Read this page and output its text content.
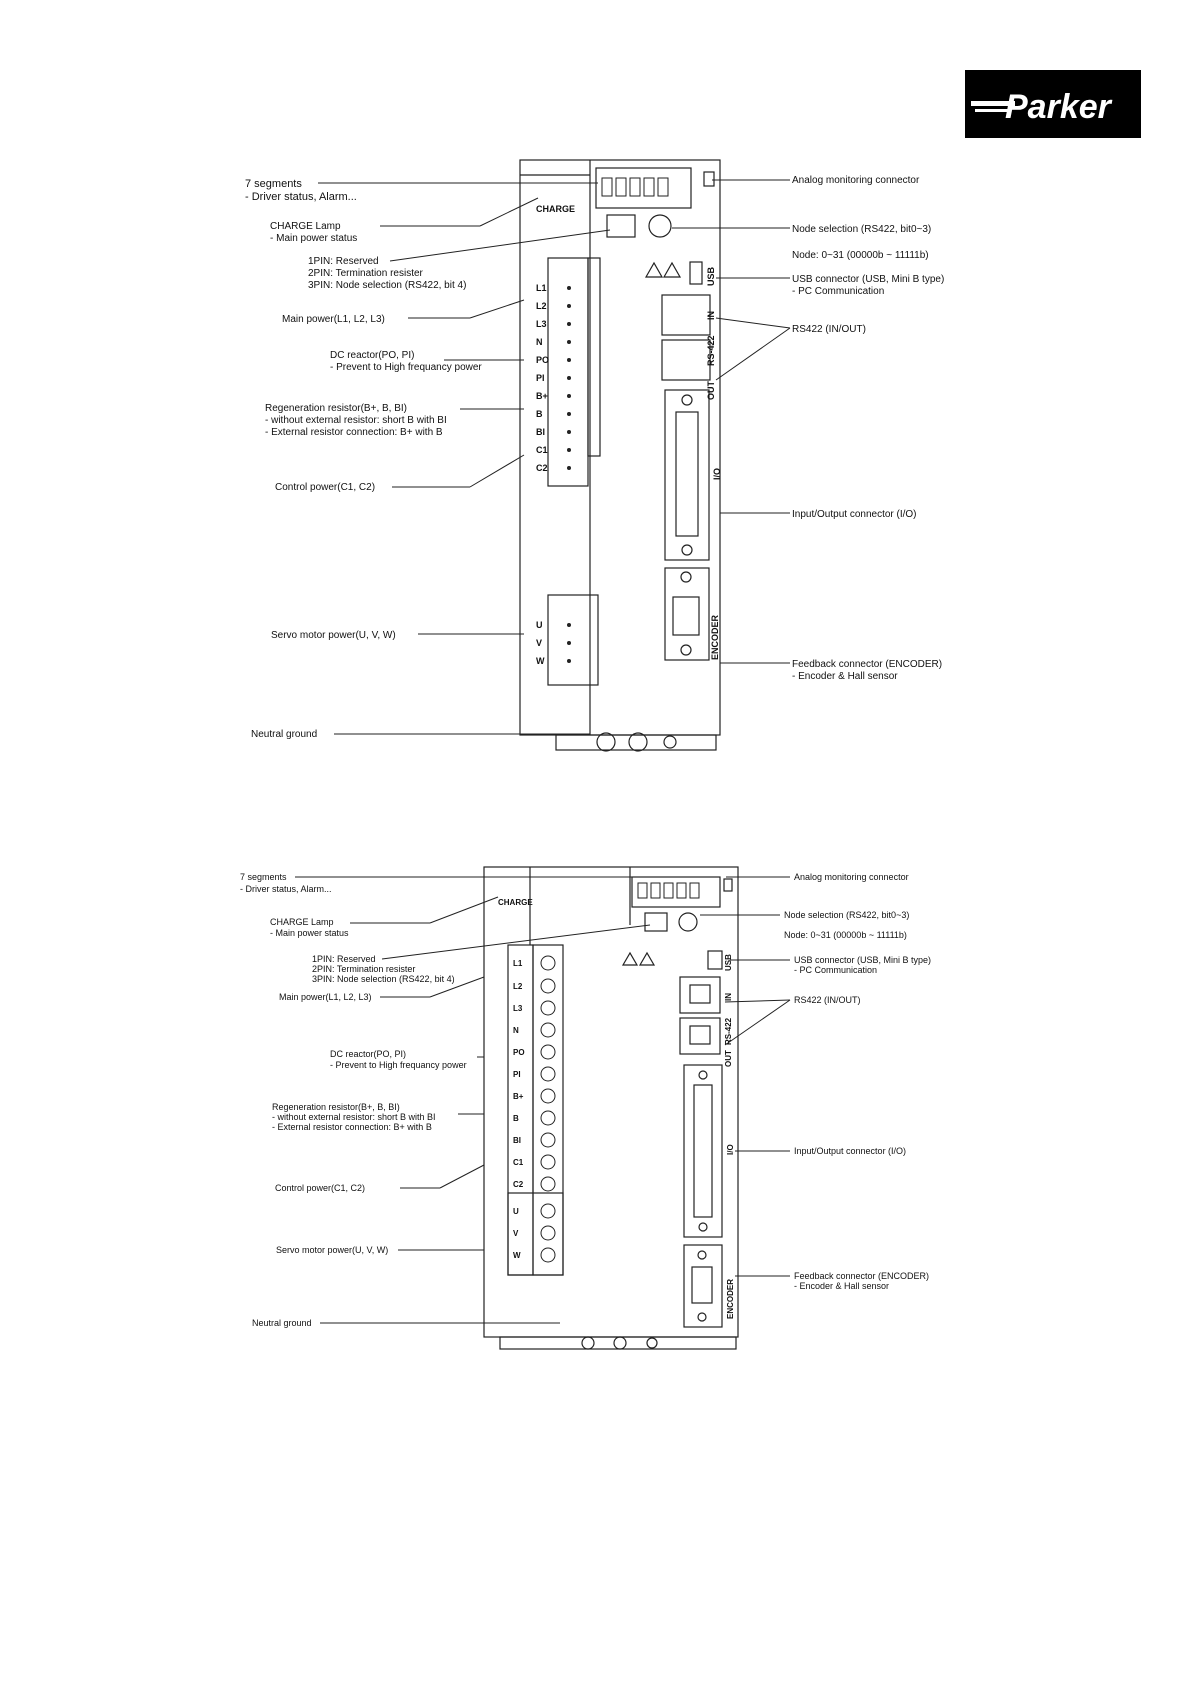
Parker
L1
L2
L3
N
PO
PI
B+
B
BI
C1
C2
U
V
W
CHARGE
USB
IN
RS-422
OUT
I/O
ENCODER
7 segments
- Driver status, Alarm...
CHARGE Lamp
- Main power status
1PIN: Reserved
2PIN: Termination resister
3PIN: Node selection (RS422, bit 4)
Main power(L1, L2, L3)
DC reactor(PO, PI)
- Prevent to High frequancy power
Regeneration resistor(B+, B, BI)
- without external resistor: short B with BI
- External resistor connection: B+ with B
Control power(C1, C2)
Servo motor power(U, V, W)
Neutral ground
Analog monitoring connector
Node selection (RS422, bit0~3)
Node: 0~31 (00000b ~ 11111b)
USB connector (USB, Mini B type)
- PC Communication
RS422 (IN/OUT)
Input/Output connector (I/O)
Feedback connector (ENCODER)
- Encoder & Hall sensor
L1
L2
L3
N
PO
PI
B+
B
BI
C1
C2
U
V
W
CHARGE
USB
IN
RS-422
OUT
I/O
ENCODER
7 segments
- Driver status, Alarm...
CHARGE Lamp
- Main power status
1PIN: Reserved
2PIN: Termination resister
3PIN: Node selection (RS422, bit 4)
Main power(L1, L2, L3)
DC reactor(PO, PI)
- Prevent to High frequancy power
Regeneration resistor(B+, B, BI)
- without external resistor: short B with BI
- External resistor connection: B+ with B
Control power(C1, C2)
Servo motor power(U, V, W)
Neutral ground
Analog monitoring connector
Node selection (RS422, bit0~3)
Node: 0~31 (00000b ~ 11111b)
USB connector (USB, Mini B type)
- PC Communication
RS422 (IN/OUT)
Input/Output connector (I/O)
Feedback connector (ENCODER)
- Encoder & Hall sensor
